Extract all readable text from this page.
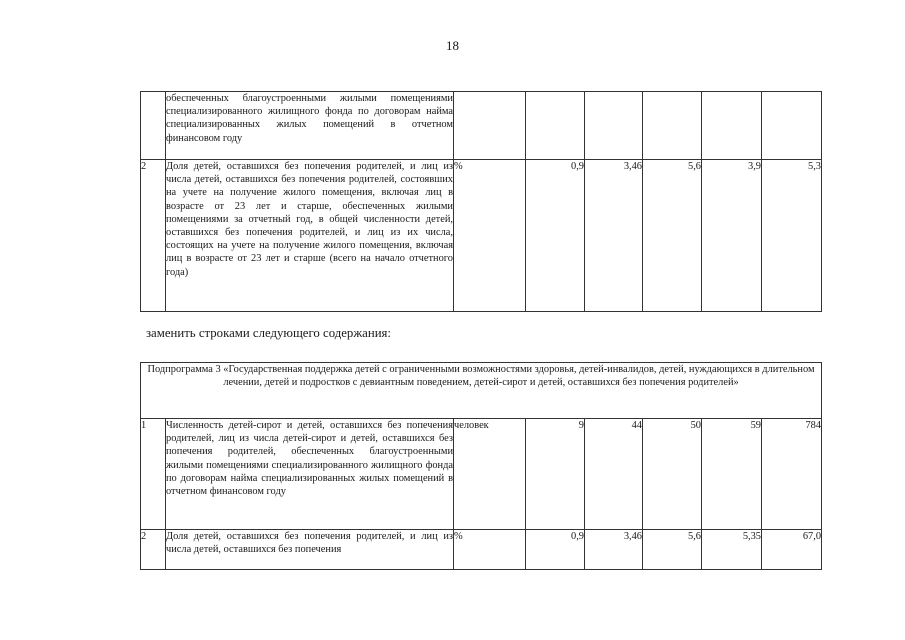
18
	обеспеченных благоустроенными жилыми помещениями специализированного жилищного фонда по договорам найма специализированных жилых помещений в отчетном финансовом году						
2	Доля детей, оставшихся без попечения родителей, и лиц из числа детей, оставшихся без попечения родителей, состоявших на учете на получение жилого помещения, включая лиц в возрасте от 23 лет и старше, обеспеченных жилыми помещениями за отчетный год, в общей численности детей, оставшихся без попечения родителей, и лиц из их числа, состоящих на учете на получение жилого помещения, включая лиц в возрасте от 23 лет и старше (всего на начало отчетного года)	%	0,9	3,46	5,6	3,9	5,3
заменить строками следующего содержания:
Подпрограмма 3 «Государственная поддержка детей с ограниченными возможностями здоровья, детей-инвалидов, детей, нуждающихся в длительном лечении, детей и подростков с девиантным поведением, детей-сирот и детей, оставшихся без попечения родителей»							
1	Численность детей-сирот и детей, оставшихся без попечения родителей, лиц из числа детей-сирот и детей, оставшихся без попечения родителей, обеспеченных благоустроенными жилыми помещениями специализированного жилищного фонда по договорам найма специализированных жилых помещений в отчетном финансовом году	человек	9	44	50	59	784
2	Доля детей, оставшихся без попечения родителей, и лиц из числа детей, оставшихся без попечения	%	0,9	3,46	5,6	5,35	67,0
